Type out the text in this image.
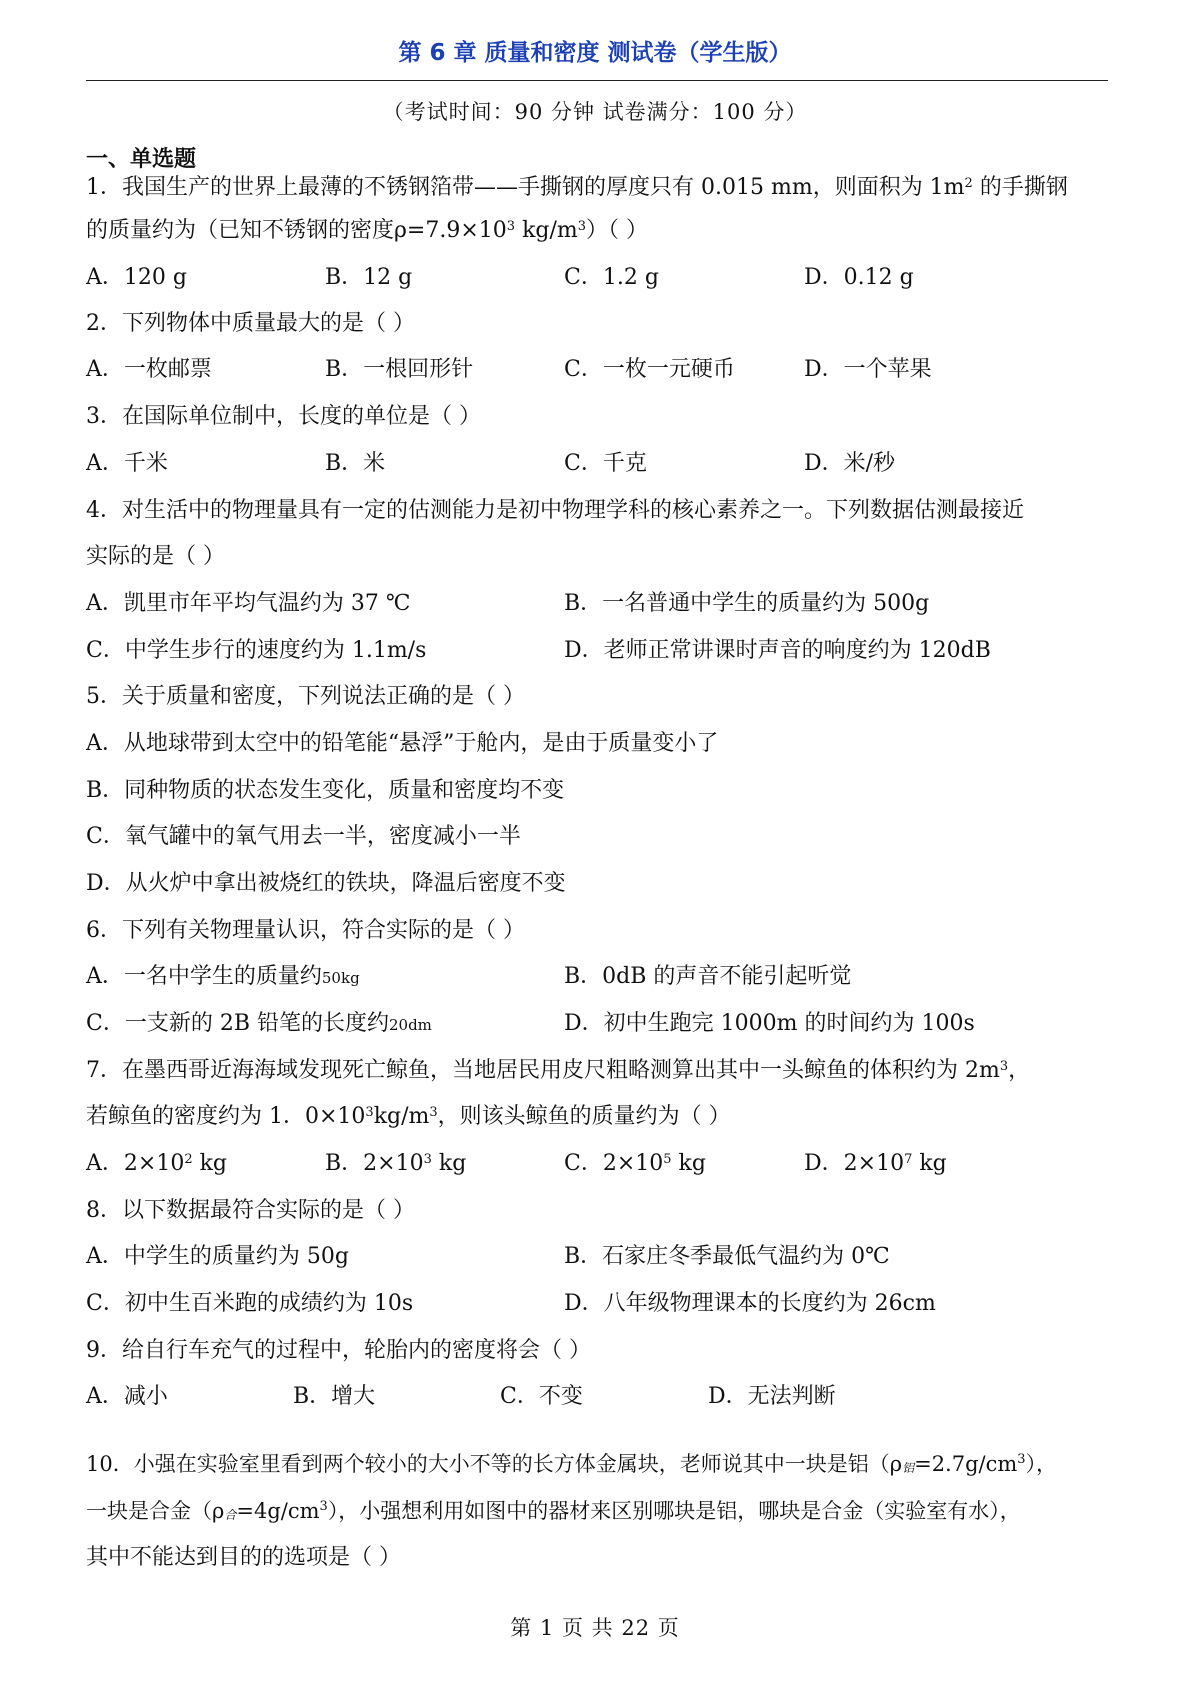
第 6 章 质量和密度 测试卷（学生版）
（考试时间：90 分钟 试卷满分：100 分）
一、单选题
1．我国生产的世界上最薄的不锈钢箔带——手撕钢的厚度只有 0.015 mm，则面积为 $1m^2$ 的手撕钢
的质量约为（已知不锈钢的密度$\rho=7.9\times 10^3$ $kg/m^3$）（ ）
A．120 g	B．12 g	C．1.2 g	D．0.12 g
2．下列物体中质量最大的是（ ）
A．一枚邮票	B．一根回形针	C．一枚一元硬币	D．一个苹果
3．在国际单位制中，长度的单位是（ ）
A．千米	B．米	C．千克	D．米/秒
4．对生活中的物理量具有一定的估测能力是初中物理学科的核心素养之一。下列数据估测最接近
实际的是（ ）
A．凯里市年平均气温约为 37 ℃	B．一名普通中学生的质量约为 500g
C．中学生步行的速度约为 1.1m/s	D．老师正常讲课时声音的响度约为 120dB
5．关于质量和密度，下列说法正确的是（ ）
A．从地球带到太空中的铅笔能“悬浮”于舱内，是由于质量变小了
B．同种物质的状态发生变化，质量和密度均不变
C．氧气罐中的氧气用去一半，密度减小一半
D．从火炉中拿出被烧红的铁块，降温后密度不变
6．下列有关物理量认识，符合实际的是（ ）
A．一名中学生的质量约50kg	B．0dB 的声音不能引起听觉
C．一支新的 2B 铅笔的长度约20dm	D．初中生跑完 1000m 的时间约为 100s
7．在墨西哥近海海域发现死亡鲸鱼，当地居民用皮尺粗略测算出其中一头鲸鱼的体积约为 $2m^3$，
若鲸鱼的密度约为 1．$0\times 10^3kg/m^3$，则该头鲸鱼的质量约为（ ）
A．$2\times 10^2$ kg	B．$2\times 10^3$ kg	C．$2\times 10^5$ kg	D．$2\times 10^7$ kg
8．以下数据最符合实际的是（ ）
A．中学生的质量约为 50g	B．石家庄冬季最低气温约为 0℃
C．初中生百米跑的成绩约为 10s	D．八年级物理课本的长度约为 26cm
9．给自行车充气的过程中，轮胎内的密度将会（ ）
A．减小	B．增大	C．不变	D．无法判断
10．小强在实验室里看到两个较小的大小不等的长方体金属块，老师说其中一块是铝$(\rho_铝=2.7g/cm^3)$，
一块是合金$(\rho_合=4g/cm^3)$，小强想利用如图中的器材来区别哪块是铝，哪块是合金（实验室有水），
其中不能达到目的的选项是（ ）
第 1 页 共 22 页
